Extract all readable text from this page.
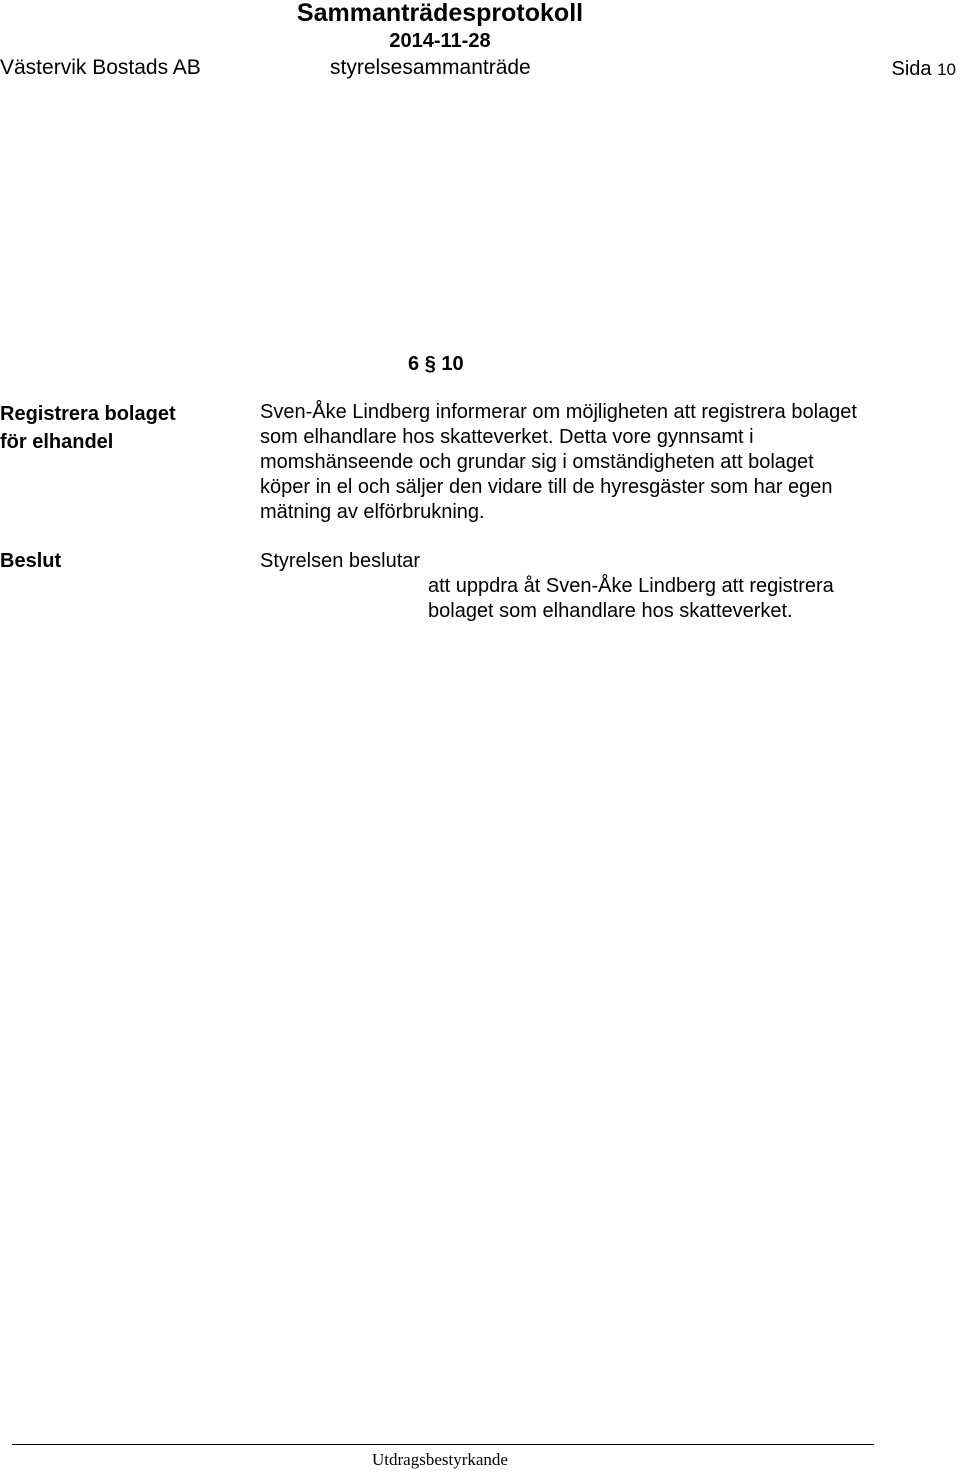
Sammanträdesprotokoll
2014-11-28
Västervik Bostads AB	styrelsesammanträde	Sida 10
6 § 10
Registrera bolaget
för elhandel
Sven-Åke Lindberg informerar om möjligheten att registrera bolaget
som elhandlare hos skatteverket. Detta vore gynnsamt i
momshänseende och grundar sig i omständigheten att bolaget
köper in el och säljer den vidare till de hyresgäster som har egen
mätning av elförbrukning.
Beslut	Styrelsen beslutar
att uppdra åt Sven-Åke Lindberg att registrera
bolaget som elhandlare hos skatteverket.
Utdragsbestyrkande
